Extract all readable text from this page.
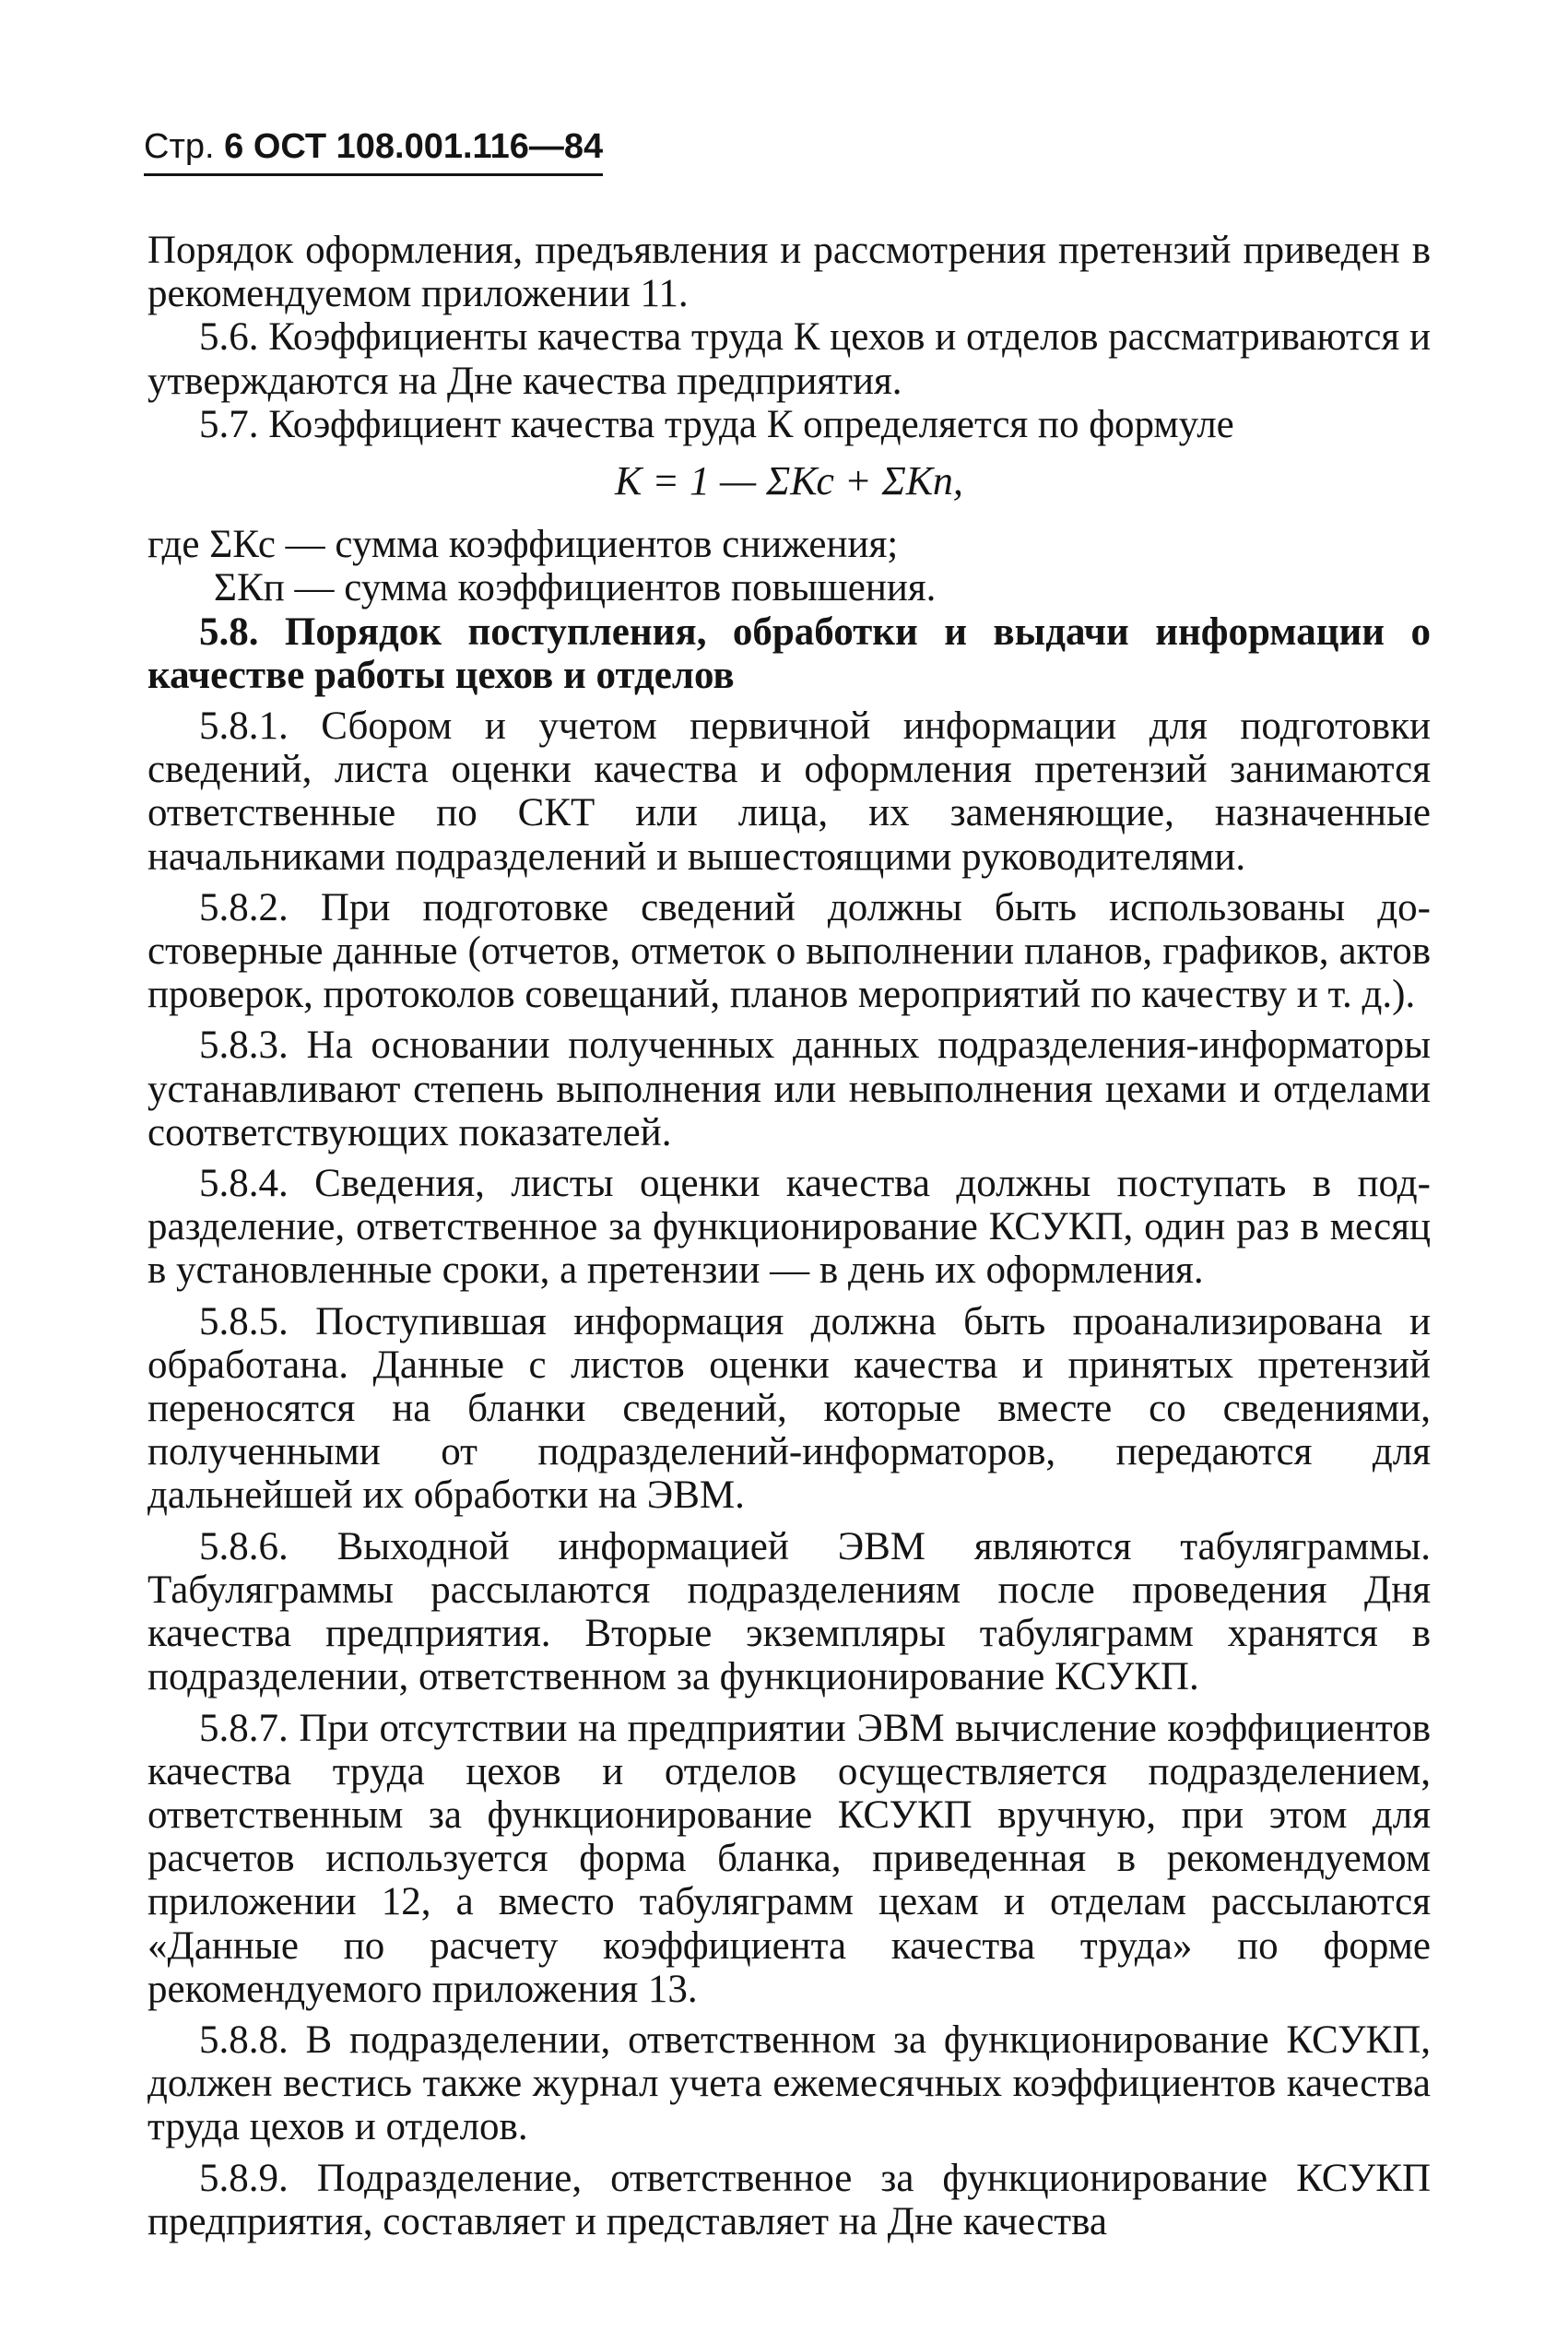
Стр. 6 ОСТ 108.001.116—84

Порядок оформления, предъявления и рассмотрения претензий приведен в рекомендуемом приложении 11.

5.6. Коэффициенты качества труда К цехов и отделов рассматриваются и утверждаются на Дне качества предприятия.

5.7. Коэффициент качества труда К определяется по формуле

К = 1 — ΣКс + ΣКп,

где ΣКс — сумма коэффициентов снижения;
ΣКп — сумма коэффициентов повышения.

5.8. Порядок поступления, обработки и выдачи информации о качестве работы цехов и отделов

5.8.1. Сбором и учетом первичной информации для подготовки сведений, листа оценки качества и оформления претензий занимаются ответственные по СКТ или лица, их заменяющие, назначенные начальниками подразделений и вышестоящими руководителями.

5.8.2. При подготовке сведений должны быть использованы достоверные данные (отчетов, отметок о выполнении планов, графиков, актов проверок, протоколов совещаний, планов мероприятий по качеству и т. д.).

5.8.3. На основании полученных данных подразделения-информаторы устанавливают степень выполнения или невыполнения цехами и отделами соответствующих показателей.

5.8.4. Сведения, листы оценки качества должны поступать в подразделение, ответственное за функционирование КСУКП, один раз в месяц в установленные сроки, а претензии — в день их оформления.

5.8.5. Поступившая информация должна быть проанализирована и обработана. Данные с листов оценки качества и принятых претензий переносятся на бланки сведений, которые вместе со сведениями, полученными от подразделений-информаторов, передаются для дальнейшей их обработки на ЭВМ.

5.8.6. Выходной информацией ЭВМ являются табуляграммы. Табуляграммы рассылаются подразделениям после проведения Дня качества предприятия. Вторые экземпляры табуляграмм хранятся в подразделении, ответственном за функционирование КСУКП.

5.8.7. При отсутствии на предприятии ЭВМ вычисление коэффициентов качества труда цехов и отделов осуществляется подразделением, ответственным за функционирование КСУКП вручную, при этом для расчетов используется форма бланка, приведенная в рекомендуемом приложении 12, а вместо табуляграмм цехам и отделам рассылаются «Данные по расчету коэффициента качества труда» по форме рекомендуемого приложения 13.

5.8.8. В подразделении, ответственном за функционирование КСУКП, должен вестись также журнал учета ежемесячных коэффициентов качества труда цехов и отделов.

5.8.9. Подразделение, ответственное за функционирование КСУКП предприятия, составляет и представляет на Дне качества
